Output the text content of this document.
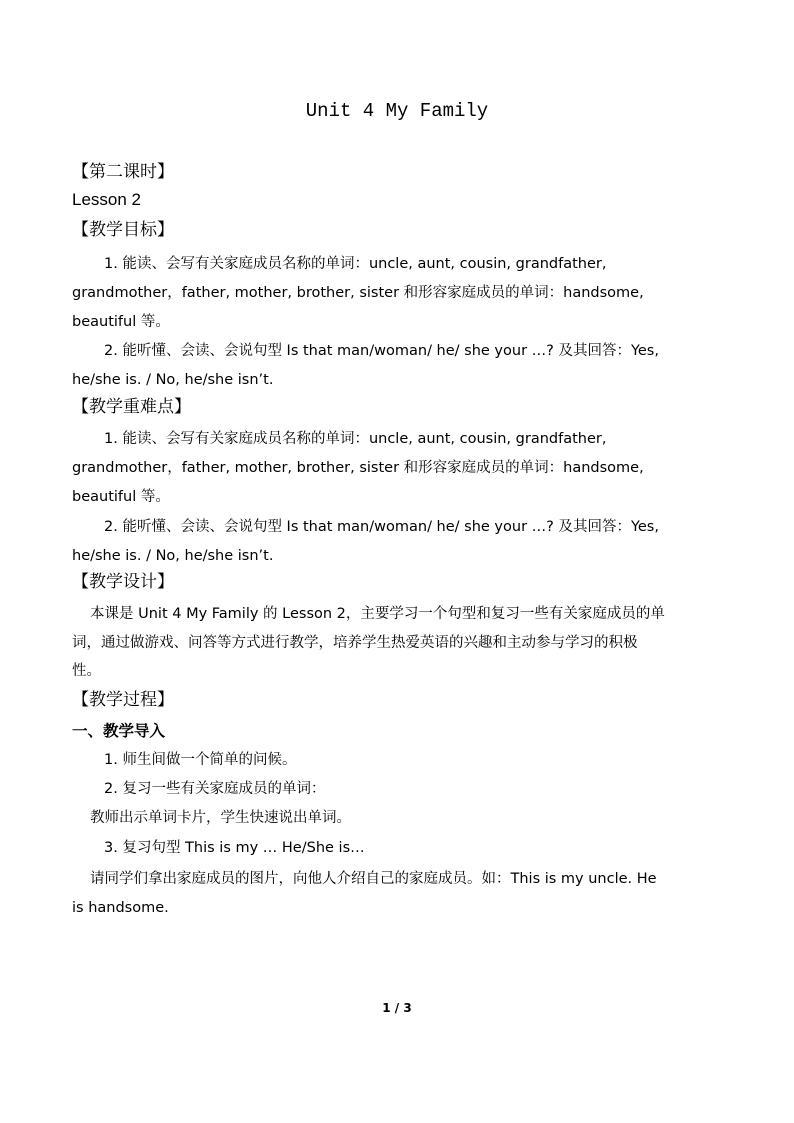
Unit 4 My Family
【第二课时】
Lesson 2
【教学目标】
1. 能读、会写有关家庭成员名称的单词：uncle, aunt, cousin, grandfather,
grandmother，father, mother, brother, sister 和形容家庭成员的单词：handsome,
beautiful 等。
2. 能听懂、会读、会说句型 Is that man/woman/ he/ she your …? 及其回答：Yes,
he/she is. / No, he/she isn’t.
【教学重难点】
1. 能读、会写有关家庭成员名称的单词：uncle, aunt, cousin, grandfather,
grandmother，father, mother, brother, sister 和形容家庭成员的单词：handsome,
beautiful 等。
2. 能听懂、会读、会说句型 Is that man/woman/ he/ she your …? 及其回答：Yes,
he/she is. / No, he/she isn’t.
【教学设计】
本课是 Unit 4 My Family 的 Lesson 2，主要学习一个句型和复习一些有关家庭成员的单
词，通过做游戏、问答等方式进行教学，培养学生热爱英语的兴趣和主动参与学习的积极
性。
【教学过程】
一、教学导入
1. 师生间做一个简单的问候。
2. 复习一些有关家庭成员的单词：
教师出示单词卡片，学生快速说出单词。
3. 复习句型 This is my … He/She is…
请同学们拿出家庭成员的图片，向他人介绍自己的家庭成员。如：This is my uncle. He
is handsome.
1 / 3
